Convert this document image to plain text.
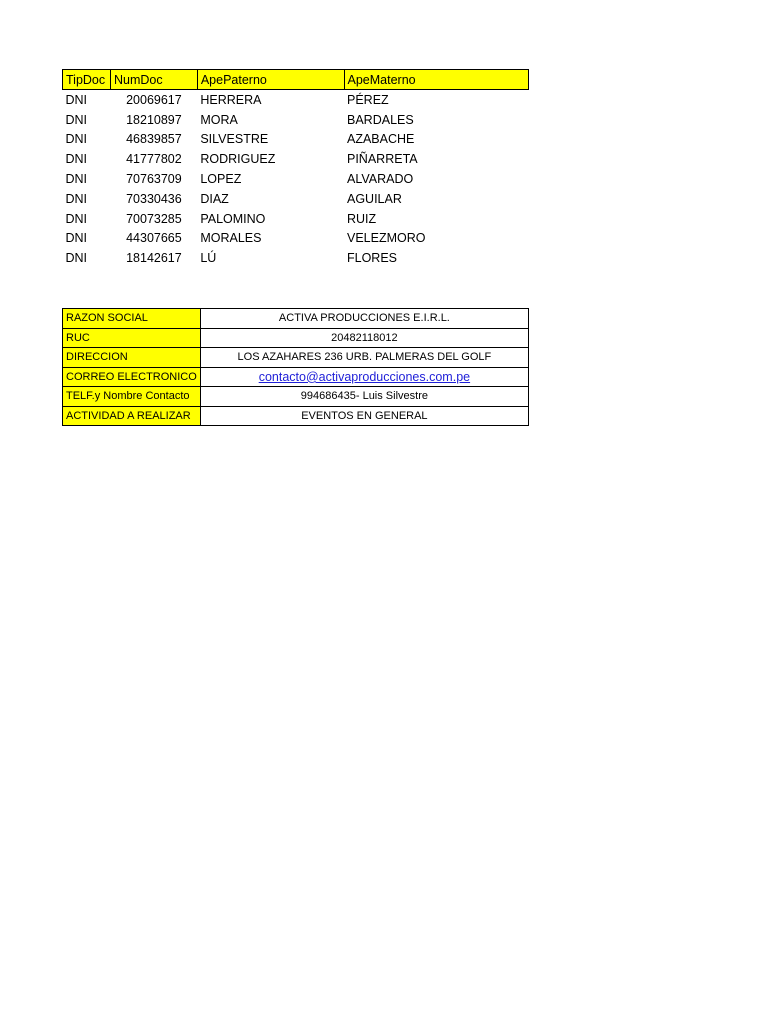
TipDoc	NumDoc	ApePaterno	ApeMaterno
DNI	20069617	HERRERA	PÉREZ
DNI	18210897	MORA	BARDALES
DNI	46839857	SILVESTRE	AZABACHE
DNI	41777802	RODRIGUEZ	PIÑARRETA
DNI	70763709	LOPEZ	ALVARADO
DNI	70330436	DIAZ	AGUILAR
DNI	70073285	PALOMINO	RUIZ
DNI	44307665	MORALES	VELEZMORO
DNI	18142617	LÚ	FLORES
RAZON SOCIAL	ACTIVA PRODUCCIONES E.I.R.L.
RUC	20482118012
DIRECCION	LOS AZAHARES 236 URB. PALMERAS DEL GOLF
CORREO ELECTRONICO	contacto@activaproducciones.com.pe
TELF.y Nombre Contacto	994686435- Luis Silvestre
ACTIVIDAD A REALIZAR	EVENTOS EN GENERAL
